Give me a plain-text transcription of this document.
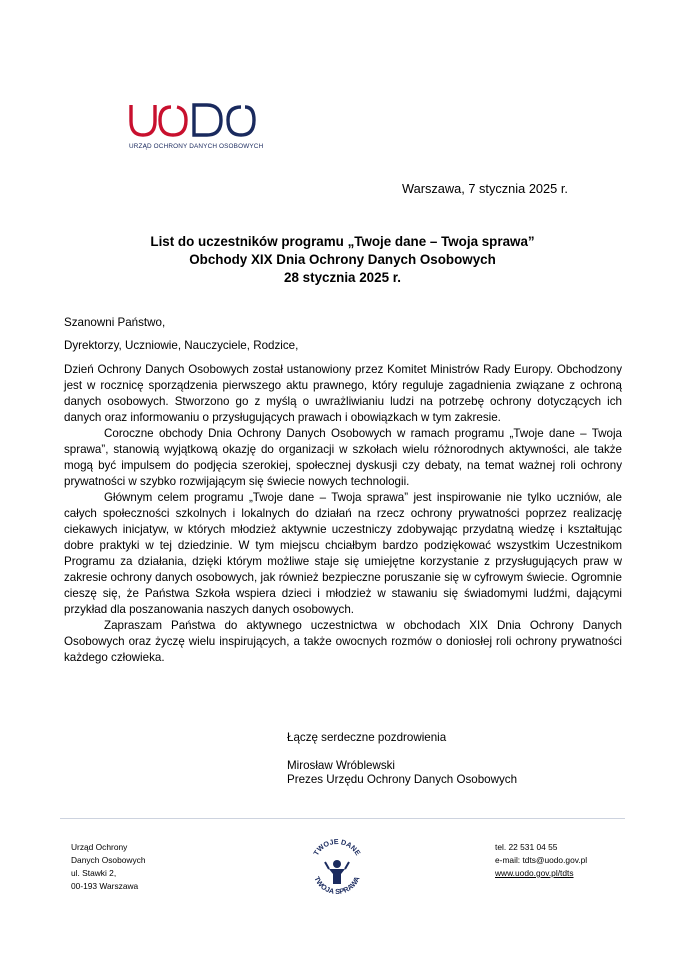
URZĄD OCHRONY DANYCH OSOBOWYCH
Warszawa, 7 stycznia 2025 r.
List do uczestników programu „Twoje dane – Twoja sprawa”
Obchody XIX Dnia Ochrony Danych Osobowych
28 stycznia 2025 r.
Szanowni Państwo,
Dyrektorzy, Uczniowie, Nauczyciele, Rodzice,

Dzień Ochrony Danych Osobowych został ustanowiony przez Komitet Ministrów Rady Europy. Obchodzony jest w rocznicę sporządzenia pierwszego aktu prawnego, który reguluje zagadnienia związane z ochroną danych osobowych. Stworzono go z myślą o uwrażliwianiu ludzi na potrzebę ochrony dotyczących ich danych oraz informowaniu o przysługujących prawach i obowiązkach w tym zakresie.

Coroczne obchody Dnia Ochrony Danych Osobowych w ramach programu „Twoje dane – Twoja sprawa”, stanowią wyjątkową okazję do organizacji w szkołach wielu różnorodnych aktywności, ale także mogą być impulsem do podjęcia szerokiej, społecznej dyskusji czy debaty, na temat ważnej roli ochrony prywatności w szybko rozwijającym się świecie nowych technologii.

Głównym celem programu „Twoje dane – Twoja sprawa” jest inspirowanie nie tylko uczniów, ale całych społeczności szkolnych i lokalnych do działań na rzecz ochrony prywatności poprzez realizację ciekawych inicjatyw, w których młodzież aktywnie uczestniczy zdobywając przydatną wiedzę i kształtując dobre praktyki w tej dziedzinie. W tym miejscu chciałbym bardzo podziękować wszystkim Uczestnikom Programu za działania, dzięki którym możliwe staje się umiejętne korzystanie z przysługujących praw w zakresie ochrony danych osobowych, jak również bezpieczne poruszanie się w cyfrowym świecie. Ogromnie cieszę się, że Państwa Szkoła wspiera dzieci i młodzież w stawaniu się świadomymi ludźmi, dającymi przykład dla poszanowania naszych danych osobowych.

Zapraszam Państwa do aktywnego uczestnictwa w obchodach XIX Dnia Ochrony Danych Osobowych oraz życzę wielu inspirujących, a także owocnych rozmów o doniosłej roli ochrony prywatności każdego człowieka.

Łączę serdeczne pozdrowienia
Mirosław Wróblewski
Prezes Urzędu Ochrony Danych Osobowych
Urząd Ochrony
Danych Osobowych
ul. Stawki 2,
00-193 Warszawa
TWOJE DANE
TWOJA SPRAWA
tel. 22 531 04 55
e-mail: tdts@uodo.gov.pl
www.uodo.gov.pl/tdts
